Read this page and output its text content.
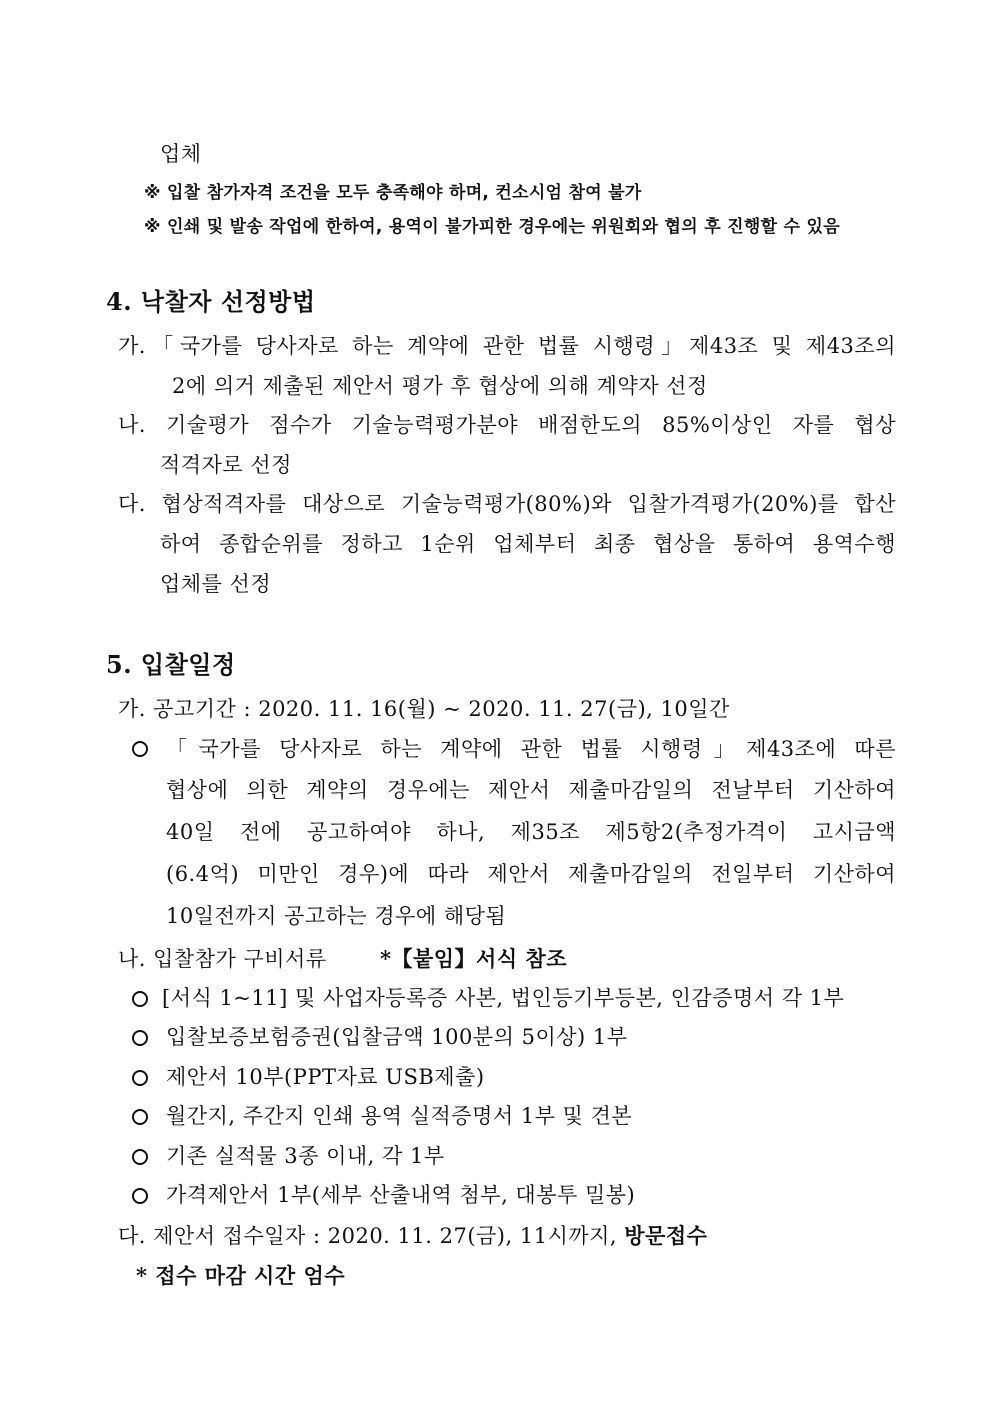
업체
※ 입찰 참가자격 조건을 모두 충족해야 하며, 컨소시엄 참여 불가
※ 인쇄 및 발송 작업에 한하여, 용역이 불가피한 경우에는 위원회와 협의 후 진행할 수 있음
4. 낙찰자 선정방법
가.「국가를 당사자로 하는 계약에 관한 법률 시행령」제43조 및 제43조의
2에 의거 제출된 제안서 평가 후 협상에 의해 계약자 선정
나. 기술평가 점수가 기술능력평가분야 배점한도의 85%이상인 자를 협상
적격자로 선정
다. 협상적격자를 대상으로 기술능력평가(80%)와 입찰가격평가(20%)를 합산
하여 종합순위를 정하고 1순위 업체부터 최종 협상을 통하여 용역수행
업체를 선정
5. 입찰일정
가. 공고기간 : 2020. 11. 16(월) ~ 2020. 11. 27(금), 10일간
「국가를 당사자로 하는 계약에 관한 법률 시행령」제43조에 따른
협상에 의한 계약의 경우에는 제안서 제출마감일의 전날부터 기산하여
40일 전에 공고하여야 하나, 제35조 제5항2(추정가격이 고시금액
(6.4억) 미만인 경우)에 따라 제안서 제출마감일의 전일부터 기산하여
10일전까지 공고하는 경우에 해당됨
나. 입찰참가 구비서류	*【붙임】서식 참조
[서식 1~11] 및 사업자등록증 사본, 법인등기부등본, 인감증명서 각 1부
입찰보증보험증권(입찰금액 100분의 5이상) 1부
제안서 10부(PPT자료 USB제출)
월간지, 주간지 인쇄 용역 실적증명서 1부 및 견본
기존 실적물 3종 이내, 각 1부
가격제안서 1부(세부 산출내역 첨부, 대봉투 밀봉)
다. 제안서 접수일자 : 2020. 11. 27(금), 11시까지, 방문접수
* 접수 마감 시간 엄수
